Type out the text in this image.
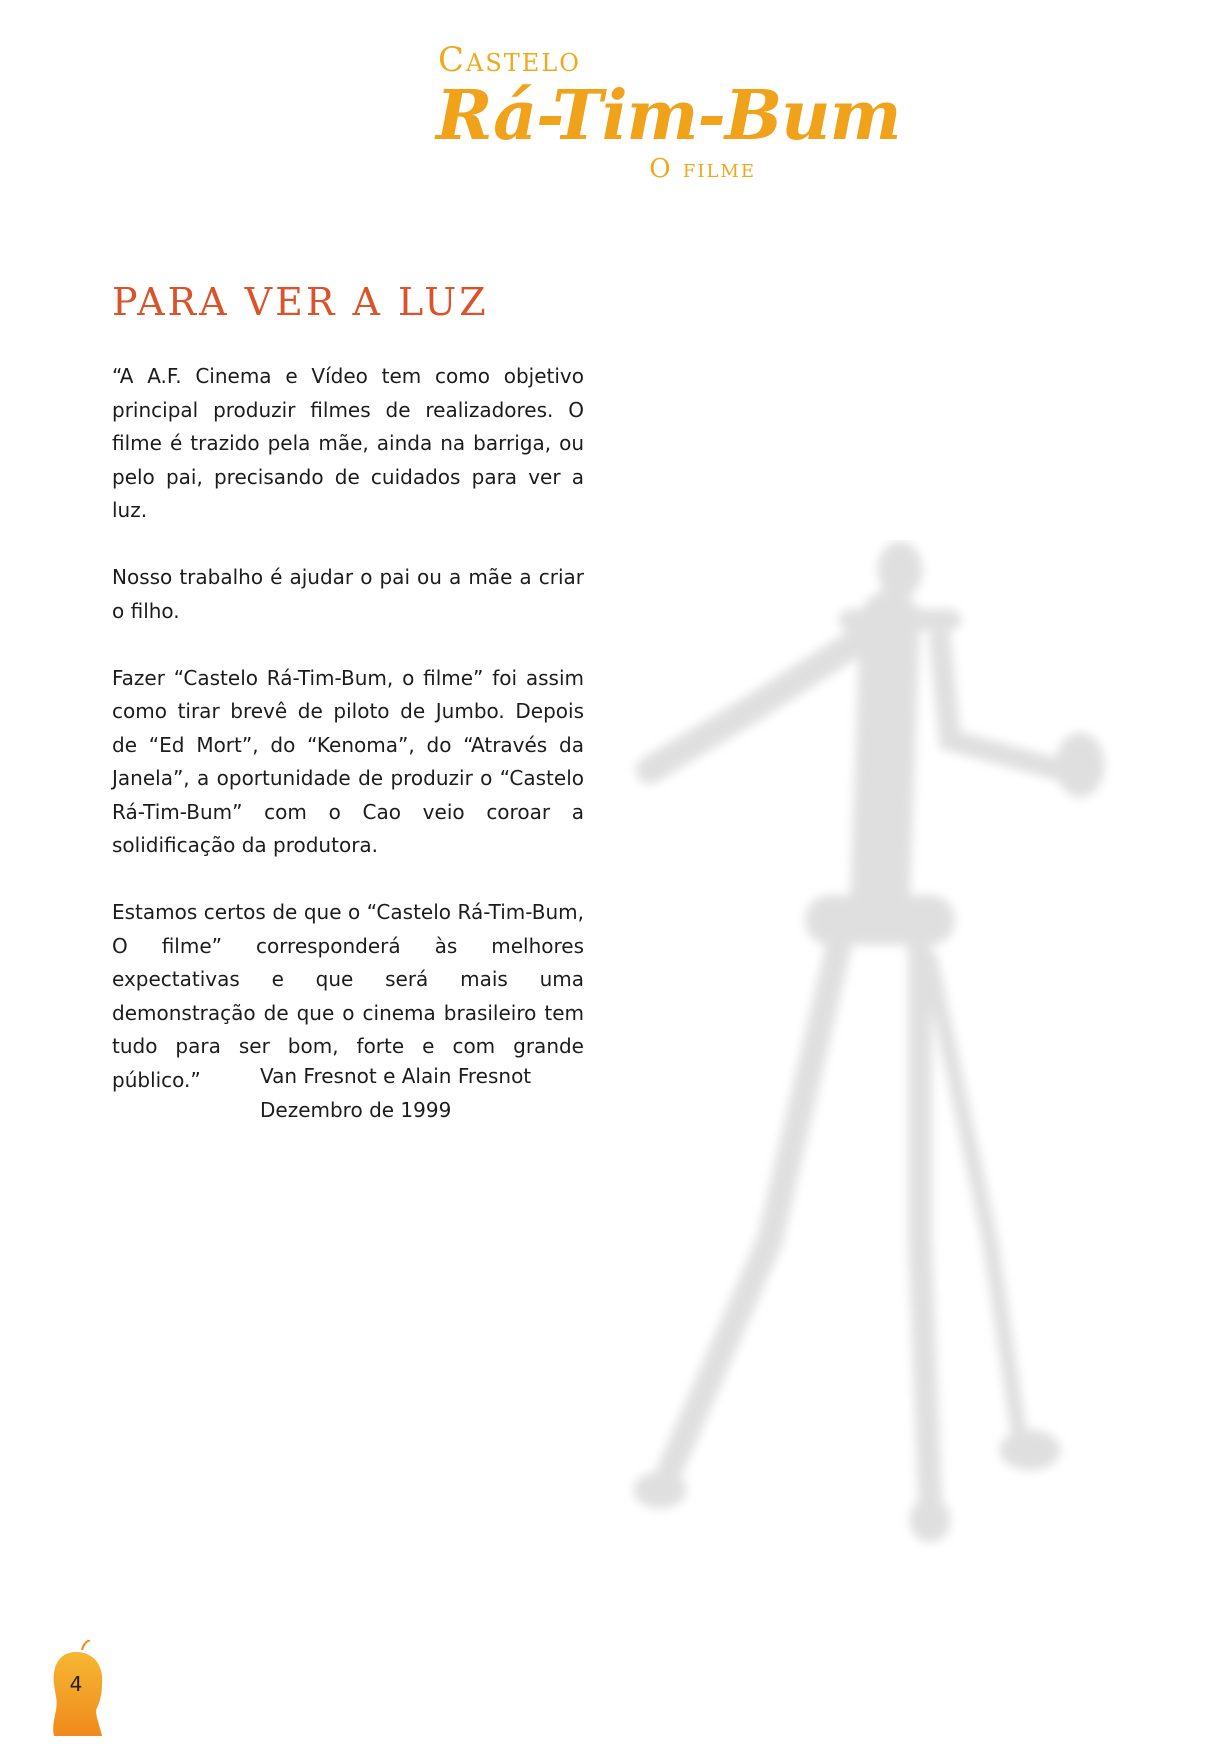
Castelo
Rá-Tim-Bum
O filme
PARA VER A LUZ

“A A.F. Cinema e Vídeo tem como objetivo principal produzir filmes de realizadores. O filme é trazido pela mãe, ainda na barriga, ou pelo pai, precisando de cuidados para ver a luz.

Nosso trabalho é ajudar o pai ou a mãe a criar o filho.

Fazer “Castelo Rá-Tim-Bum, o filme” foi assim como tirar brevê de piloto de Jumbo. Depois de “Ed Mort”, do “Kenoma”, do “Através da Janela”, a oportunidade de produzir o “Castelo Rá-Tim-Bum” com o Cao veio coroar a solidificação da produtora.

Estamos certos de que o “Castelo Rá-Tim-Bum, O filme” corresponderá às melhores expectativas e que será mais uma demonstração de que o cinema brasileiro tem tudo para ser bom, forte e com grande público.”	Van Fresnot e Alain Fresnot
Dezembro de 1999
4
